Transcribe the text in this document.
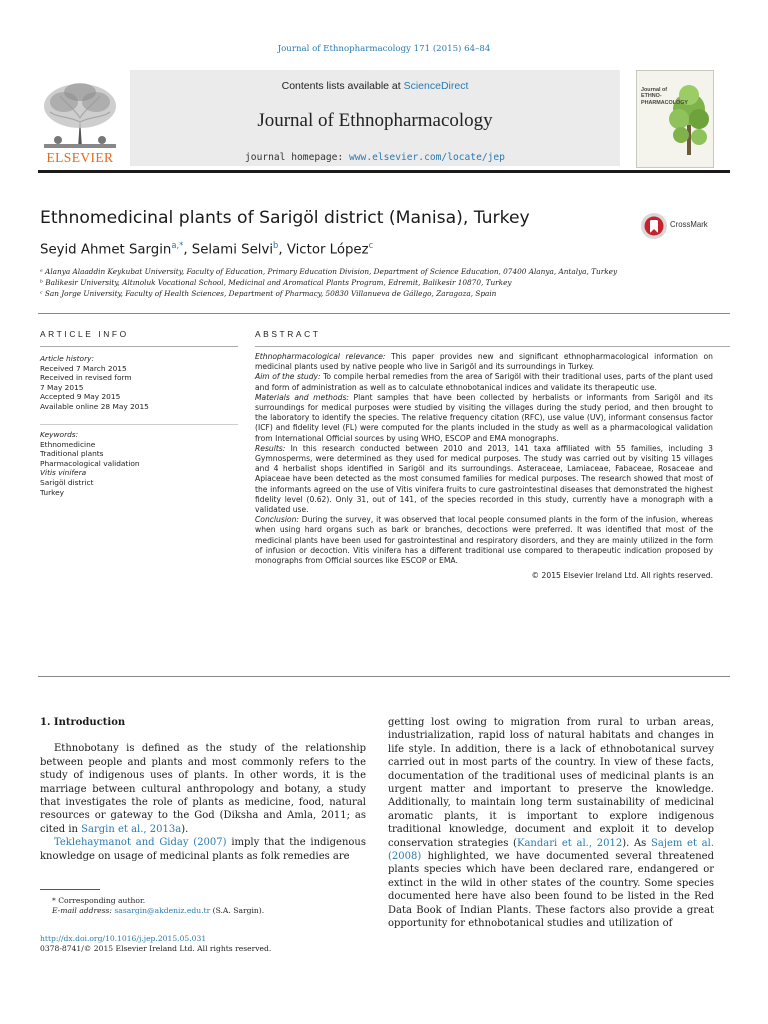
Journal of Ethnopharmacology 171 (2015) 64–84
ELSEVIER
Contents lists available at ScienceDirect
Journal of Ethnopharmacology
journal homepage: www.elsevier.com/locate/jep
Journal of
ETHNO-
PHARMACOLOGY
Ethnomedicinal plants of Sarigöl district (Manisa), Turkey	CrossMark
Seyid Ahmet Sargin$^{a,*}$, Selami Selvi$^b$, Victor López$^c$
ᵃ Alanya Alaaddin Keykubat University, Faculty of Education, Primary Education Division, Department of Science Education, 07400 Alanya, Antalya, Turkey
ᵇ Balikesir University, Altınoluk Vocational School, Medicinal and Aromatical Plants Program, Edremit, Balikesir 10870, Turkey
ᶜ San Jorge University, Faculty of Health Sciences, Department of Pharmacy, 50830 Villanueva de Gállego, Zaragoza, Spain
ARTICLE INFO	ABSTRACT
Article history:
Received 7 March 2015
Received in revised form
7 May 2015
Accepted 9 May 2015
Available online 28 May 2015
Keywords:
Ethnomedicine
Traditional plants
Pharmacological validation
Vitis vinifera
Sarigöl district
Turkey

Ethnopharmacological relevance: This paper provides new and significant ethnopharmacological information on medicinal plants used by native people who live in Sarigöl and its surroundings in Turkey.

Aim of the study: To compile herbal remedies from the area of Sarigöl with their traditional uses, parts of the plant used and form of administration as well as to calculate ethnobotanical indices and validate its therapeutic use.

Materials and methods: Plant samples that have been collected by herbalists or informants from Sarigöl and its surroundings for medical purposes were studied by visiting the villages during the study period, and then brought to the laboratory to identify the species. The relative frequency citation (RFC), use value (UV), informant consensus factor (ICF) and fidelity level (FL) were computed for the plants included in the study as well as a pharmacological validation from International Official sources by using WHO, ESCOP and EMA monographs.

Results: In this research conducted between 2010 and 2013, 141 taxa affiliated with 55 families, including 3 Gymnosperms, were determined as they used for medical purposes. The study was carried out by visiting 15 villages and 4 herbalist shops identified in Sarigöl and its surroundings. Asteraceae, Lamiaceae, Fabaceae, Rosaceae and Apiaceae have been detected as the most consumed families for medical purposes. The research showed that most of the informants agreed on the use of Vitis vinifera fruits to cure gastrointestinal diseases that demonstrated the highest fidelity level (0.62). Only 31, out of 141, of the species recorded in this study, currently have a monograph with a validated use.

Conclusion: During the survey, it was observed that local people consumed plants in the form of the infusion, whereas when using hard organs such as bark or branches, decoctions were preferred. It was identified that most of the medicinal plants have been used for gastrointestinal and respiratory disorders, and they are mainly utilized in the form of infusion or decoction. Vitis vinifera has a different traditional use compared to therapeutic indication proposed by monographs from Official sources like ESCOP or EMA.

© 2015 Elsevier Ireland Ltd. All rights reserved.

1. Introduction

Ethnobotany is defined as the study of the relationship between people and plants and most commonly refers to the study of indigenous uses of plants. In other words, it is the marriage between cultural anthropology and botany, a study that investigates the role of plants as medicine, food, natural resources or gateway to the God (Diksha and Amla, 2011; as cited in Sargin et al., 2013a).

Teklehaymanot and Giday (2007) imply that the indigenous knowledge on usage of medicinal plants as folk remedies are

getting lost owing to migration from rural to urban areas, industrialization, rapid loss of natural habitats and changes in life style. In addition, there is a lack of ethnobotanical survey carried out in most parts of the country. In view of these facts, documentation of the traditional uses of medicinal plants is an urgent matter and important to preserve the knowledge. Additionally, to maintain long term sustainability of medicinal aromatic plants, it is important to explore indigenous traditional knowledge, document and exploit it to develop conservation strategies (Kandari et al., 2012). As Sajem et al. (2008) highlighted, we have documented several threatened plants species which have been declared rare, endangered or extinct in the wild in other states of the country. Some species documented here have also been found to be listed in the Red Data Book of Indian Plants. These factors also provide a great opportunity for ethnobotanical studies and utilization of

* Corresponding author.
E-mail address: sasargin@akdeniz.edu.tr (S.A. Sargin).
http://dx.doi.org/10.1016/j.jep.2015.05.031
0378-8741/© 2015 Elsevier Ireland Ltd. All rights reserved.
